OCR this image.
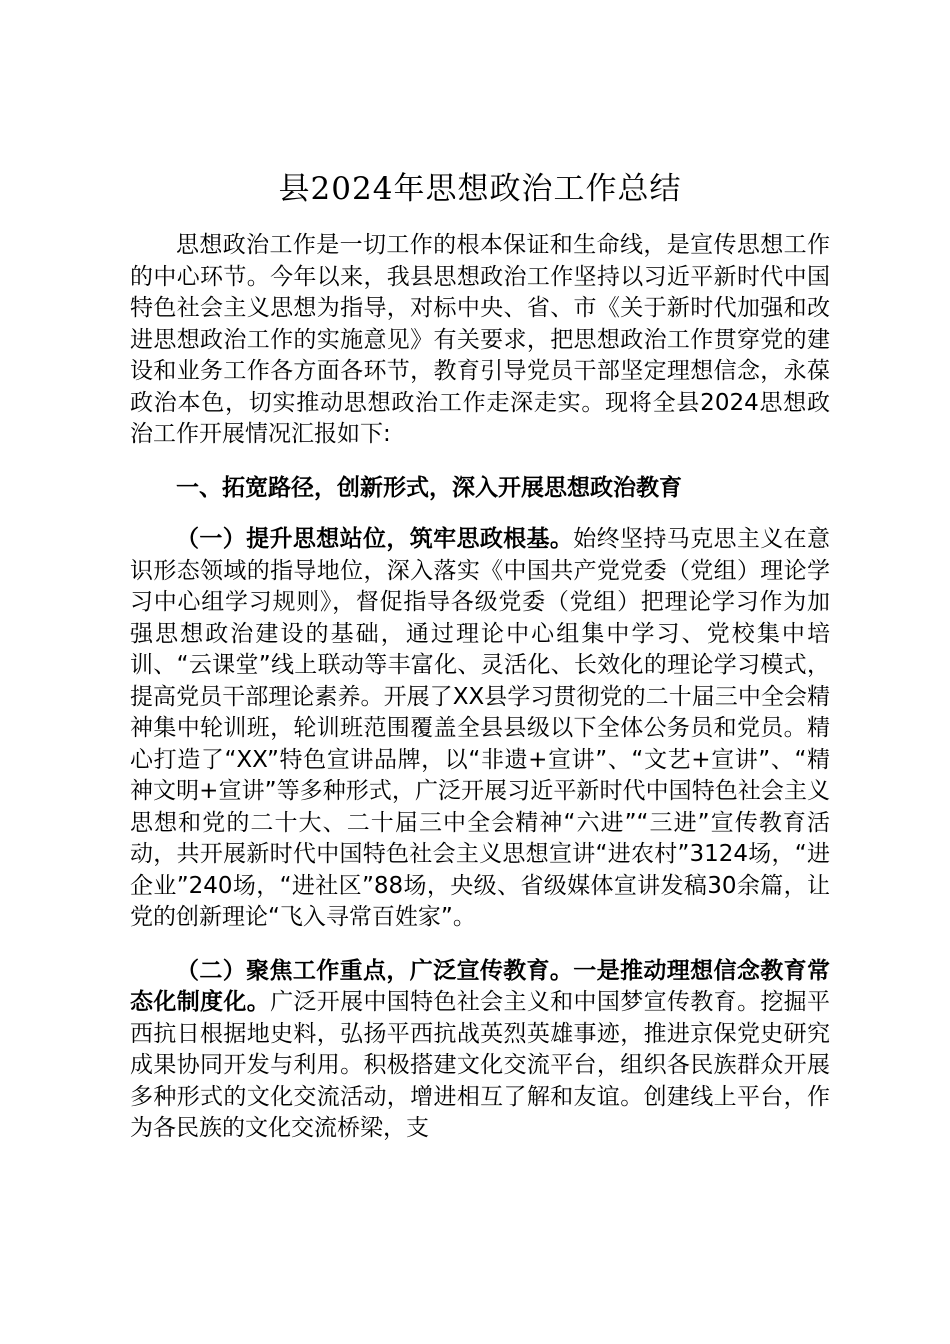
县2024年思想政治工作总结

思想政治工作是一切工作的根本保证和生命线，是宣传思想工作的中心环节。今年以来，我县思想政治工作坚持以习近平新时代中国特色社会主义思想为指导，对标中央、省、市《关于新时代加强和改进思想政治工作的实施意见》有关要求，把思想政治工作贯穿党的建设和业务工作各方面各环节，教育引导党员干部坚定理想信念，永葆政治本色，切实推动思想政治工作走深走实。现将全县2024思想政治工作开展情况汇报如下:

一、拓宽路径，创新形式，深入开展思想政治教育

（一）提升思想站位，筑牢思政根基。始终坚持马克思主义在意识形态领域的指导地位，深入落实《中国共产党党委（党组）理论学习中心组学习规则》，督促指导各级党委（党组）把理论学习作为加强思想政治建设的基础，通过理论中心组集中学习、党校集中培训、“云课堂”线上联动等丰富化、灵活化、长效化的理论学习模式，提高党员干部理论素养。开展了XX县学习贯彻党的二十届三中全会精神集中轮训班，轮训班范围覆盖全县县级以下全体公务员和党员。精心打造了“XX”特色宣讲品牌，以“非遗+宣讲”、“文艺+宣讲”、“精神文明+宣讲”等多种形式，广泛开展习近平新时代中国特色社会主义思想和党的二十大、二十届三中全会精神“六进”“三进”宣传教育活动，共开展新时代中国特色社会主义思想宣讲“进农村”3124场，“进企业”240场，“进社区”88场，央级、省级媒体宣讲发稿30余篇，让党的创新理论“飞入寻常百姓家”。

（二）聚焦工作重点，广泛宣传教育。一是推动理想信念教育常态化制度化。广泛开展中国特色社会主义和中国梦宣传教育。挖掘平西抗日根据地史料，弘扬平西抗战英烈英雄事迹，推进京保党史研究成果协同开发与利用。积极搭建文化交流平台，组织各民族群众开展多种形式的文化交流活动，增进相互了解和友谊。创建线上平台，作为各民族的文化交流桥梁，支
